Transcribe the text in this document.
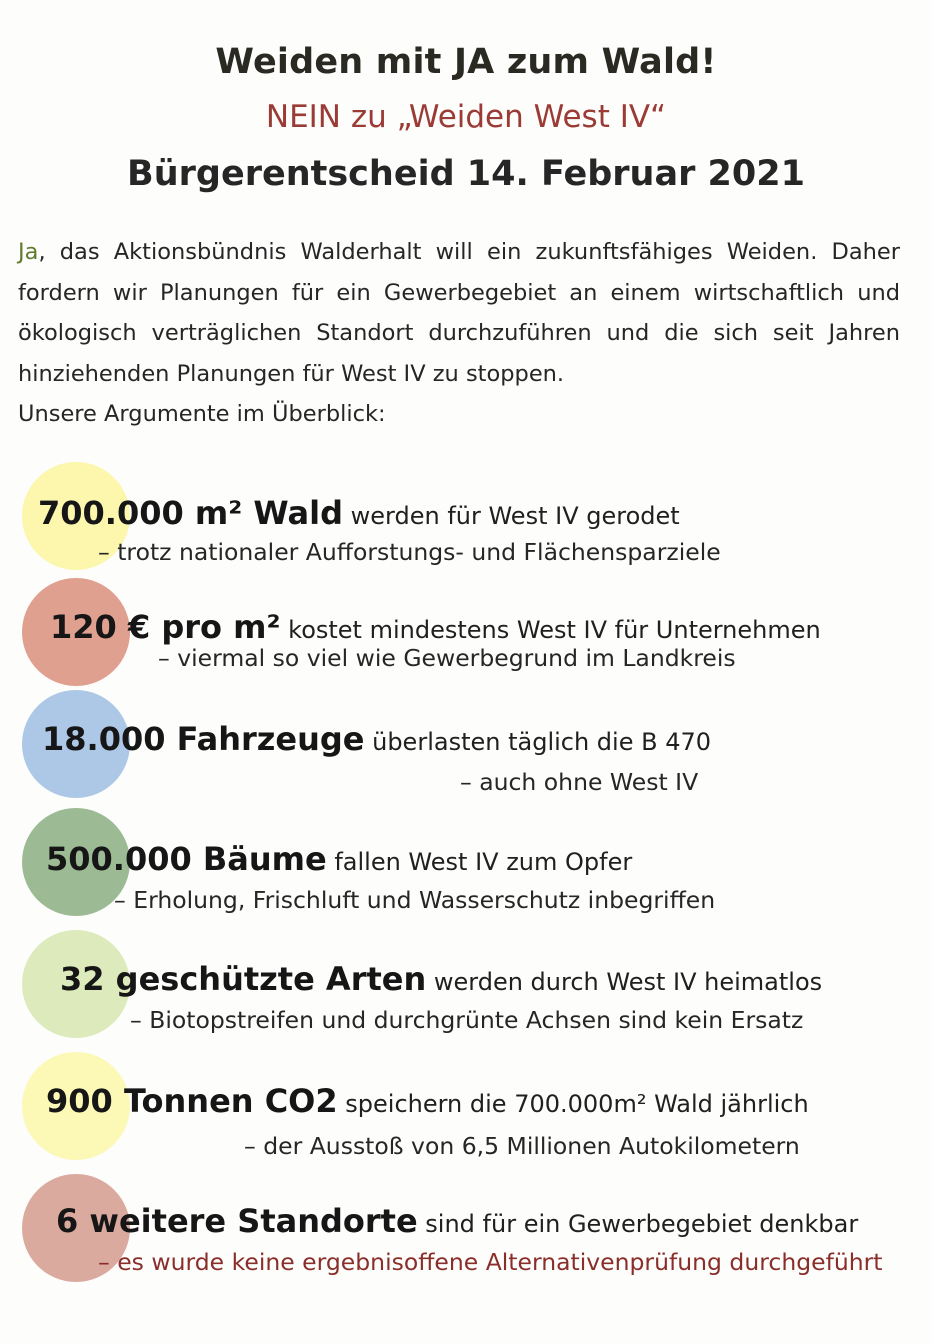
Weiden mit JA zum Wald!
NEIN zu „Weiden West IV“
Bürgerentscheid 14. Februar 2021
Ja, das Aktionsbündnis Walderhalt will ein zukunftsfähiges Weiden. Daher fordern wir Planungen für ein Gewerbegebiet an einem wirtschaftlich und ökologisch verträglichen Standort durchzuführen und die sich seit Jahren hinziehenden Planungen für West IV zu stoppen.
Unsere Argumente im Überblick:
700.000 m² Wald werden für West IV gerodet
– trotz nationaler Aufforstungs- und Flächensparziele
120 € pro m² kostet mindestens West IV für Unternehmen
– viermal so viel wie Gewerbegrund im Landkreis
18.000 Fahrzeuge überlasten täglich die B 470
– auch ohne West IV
500.000 Bäume fallen West IV zum Opfer
– Erholung, Frischluft und Wasserschutz inbegriffen
32 geschützte Arten werden durch West IV heimatlos
– Biotopstreifen und durchgrünte Achsen sind kein Ersatz
900 Tonnen CO2 speichern die 700.000m² Wald jährlich
– der Ausstoß von 6,5 Millionen Autokilometern
6 weitere Standorte sind für ein Gewerbegebiet denkbar
– es wurde keine ergebnisoffene Alternativenprüfung durchgeführt
